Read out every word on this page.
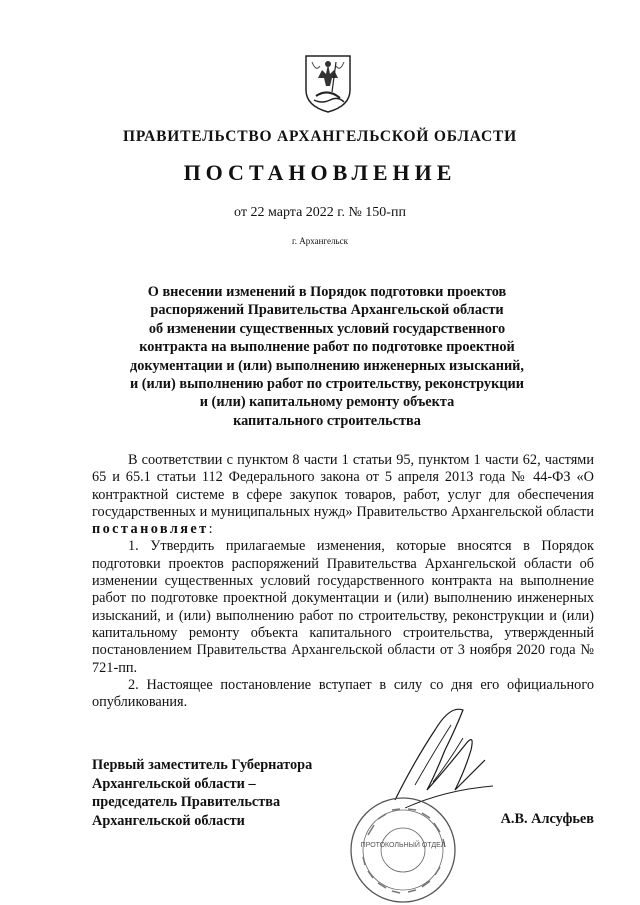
ПРАВИТЕЛЬСТВО АРХАНГЕЛЬСКОЙ ОБЛАСТИ
ПОСТАНОВЛЕНИЕ
от 22 марта 2022 г. № 150-пп
г. Архангельск

О внесении изменений в Порядок подготовки проектов
распоряжений Правительства Архангельской области
об изменении существенных условий государственного
контракта на выполнение работ по подготовке проектной
документации и (или) выполнению инженерных изысканий,
и (или) выполнению работ по строительству, реконструкции
и (или) капитальному ремонту объекта
капитального строительства

В соответствии с пунктом 8 части 1 статьи 95, пунктом 1 части 62, частями 65 и 65.1 статьи 112 Федерального закона от 5 апреля 2013 года № 44-ФЗ «О контрактной системе в сфере закупок товаров, работ, услуг для обеспечения государственных и муниципальных нужд» Правительство Архангельской области постановляет:

1. Утвердить прилагаемые изменения, которые вносятся в Порядок подготовки проектов распоряжений Правительства Архангельской области об изменении существенных условий государственного контракта на выполнение работ по подготовке проектной документации и (или) выполнению инженерных изысканий, и (или) выполнению работ по строительству, реконструкции и (или) капитальному ремонту объекта капитального строительства, утвержденный постановлением Правительства Архангельской области от 3 ноября 2020 года № 721-пп.

2. Настоящее постановление вступает в силу со дня его официального опубликования.

Первый заместитель Губернатора
Архангельской области –
председатель Правительства
Архангельской области
ПРОТОКОЛЬНЫЙ ОТДЕЛ
А.В. Алсуфьев
